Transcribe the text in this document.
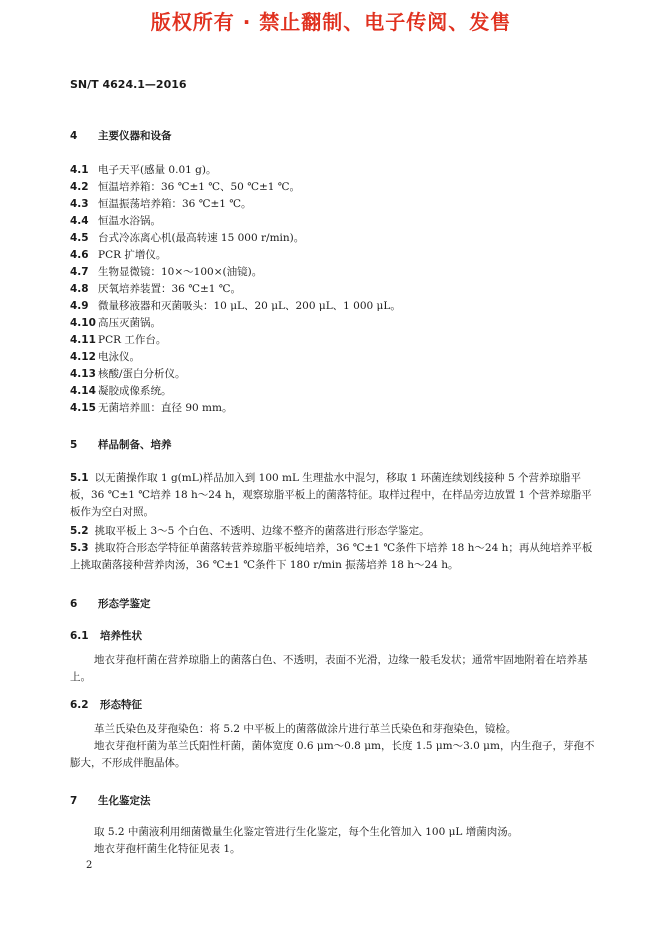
版权所有 · 禁止翻制、电子传阅、发售
SN/T 4624.1—2016
4 主要仪器和设备
4.1 电子天平(感量 0.01 g)。
4.2 恒温培养箱：36 ℃±1 ℃、50 ℃±1 ℃。
4.3 恒温振荡培养箱：36 ℃±1 ℃。
4.4 恒温水浴锅。
4.5 台式冷冻离心机(最高转速 15 000 r/min)。
4.6 PCR 扩增仪。
4.7 生物显微镜：10×～100×(油镜)。
4.8 厌氧培养装置：36 ℃±1 ℃。
4.9 微量移液器和灭菌吸头：10 μL、20 μL、200 μL、1 000 μL。
4.10 高压灭菌锅。
4.11 PCR 工作台。
4.12 电泳仪。
4.13 核酸/蛋白分析仪。
4.14 凝胶成像系统。
4.15 无菌培养皿：直径 90 mm。
5 样品制备、培养
5.1 以无菌操作取 1 g(mL)样品加入到 100 mL 生理盐水中混匀，移取 1 环菌连续划线接种 5 个营养琼脂平板，36 ℃±1 ℃培养 18 h～24 h，观察琼脂平板上的菌落特征。取样过程中，在样品旁边放置 1 个营养琼脂平板作为空白对照。
5.2 挑取平板上 3～5 个白色、不透明、边缘不整齐的菌落进行形态学鉴定。
5.3 挑取符合形态学特征单菌落转营养琼脂平板纯培养，36 ℃±1 ℃条件下培养 18 h～24 h；再从纯培养平板上挑取菌落接种营养肉汤，36 ℃±1 ℃条件下 180 r/min 振荡培养 18 h～24 h。
6 形态学鉴定
6.1 培养性状
地衣芽孢杆菌在营养琼脂上的菌落白色、不透明，表面不光滑，边缘一般毛发状；通常牢固地附着在培养基上。
6.2 形态特征
革兰氏染色及芽孢染色：将 5.2 中平板上的菌落做涂片进行革兰氏染色和芽孢染色，镜检。
地衣芽孢杆菌为革兰氏阳性杆菌，菌体宽度 0.6 μm～0.8 μm，长度 1.5 μm～3.0 μm，内生孢子，芽孢不膨大，不形成伴胞晶体。
7 生化鉴定法
取 5.2 中菌液利用细菌微量生化鉴定管进行生化鉴定，每个生化管加入 100 μL 增菌肉汤。
地衣芽孢杆菌生化特征见表 1。
2
